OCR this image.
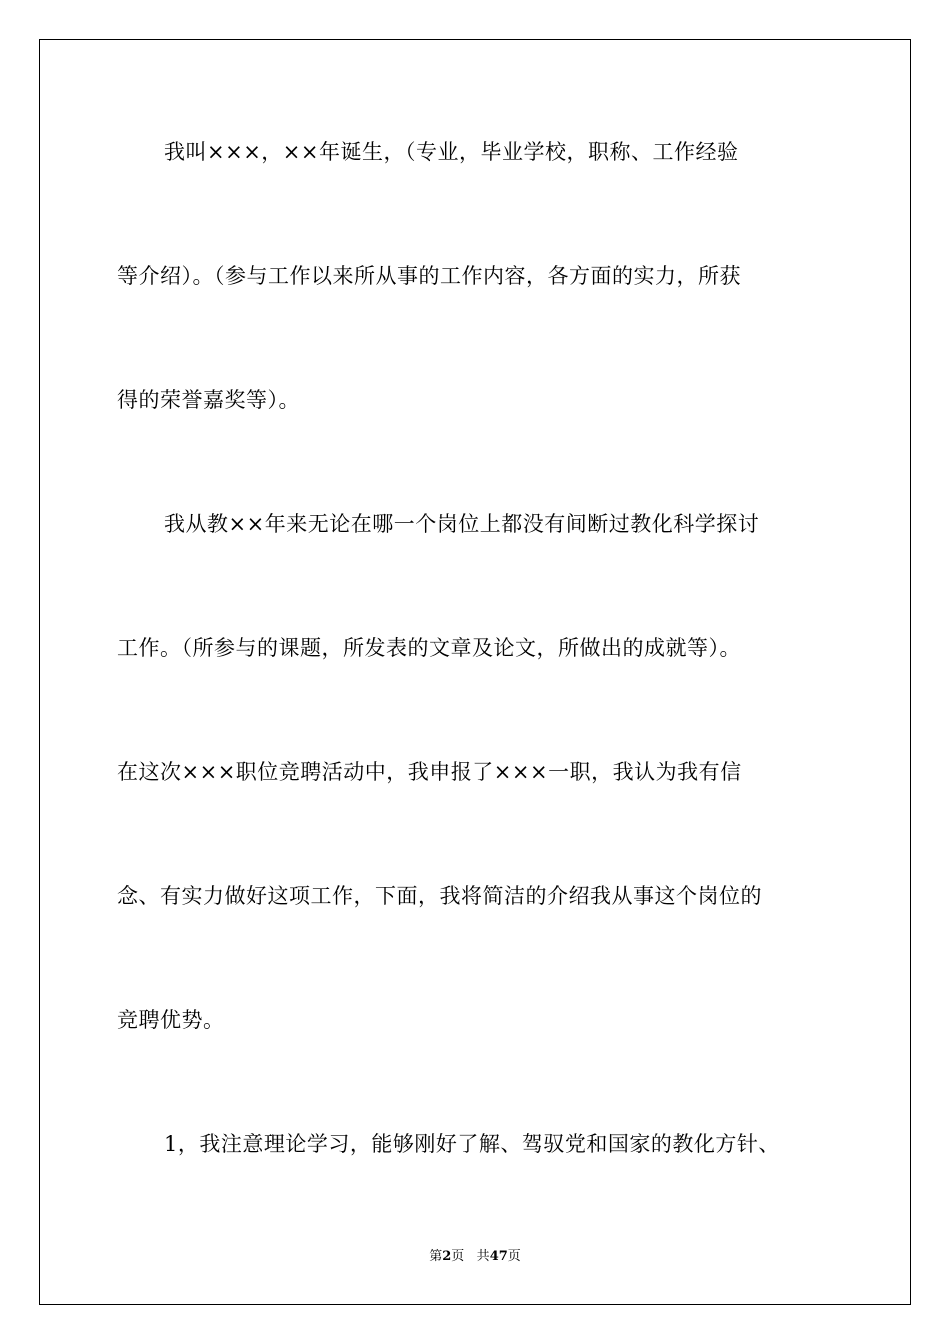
我叫×××，××年诞生，（专业，毕业学校，职称、工作经验
等介绍）。（参与工作以来所从事的工作内容，各方面的实力，所获
得的荣誉嘉奖等）。
我从教××年来无论在哪一个岗位上都没有间断过教化科学探讨
工作。（所参与的课题，所发表的文章及论文，所做出的成就等）。
在这次×××职位竞聘活动中，我申报了×××一职，我认为我有信
念、有实力做好这项工作，下面，我将简洁的介绍我从事这个岗位的
竞聘优势。
1，我注意理论学习，能够刚好了解、驾驭党和国家的教化方针、
第2页 共47页
